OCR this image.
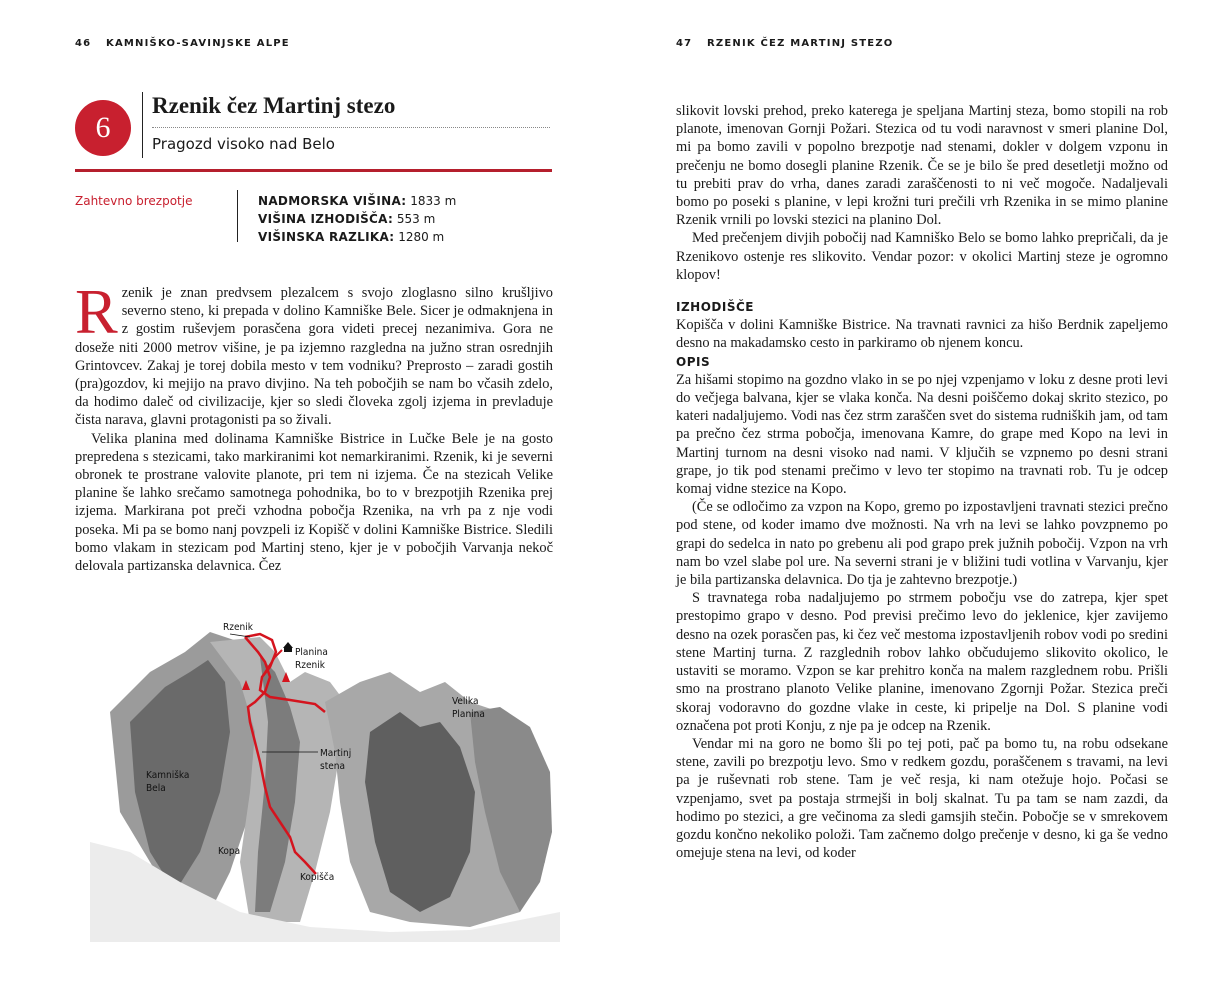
46 KAMNIŠKO-SAVINJSKE ALPE
6
Rzenik čez Martinj stezo
Pragozd visoko nad Belo
Zahtevno brezpotje	NADMORSKA VIŠINA: 1833 m
VIŠINA IZHODIŠČA: 553 m
VIŠINSKA RAZLIKA: 1280 m

Rzenik je znan predvsem plezalcem s svojo zloglasno silno krušljivo severno steno, ki prepada v dolino Kamniške Bele. Sicer je odmaknjena in z gostim ruševjem porasčena gora videti precej nezanimiva. Gora ne doseže niti 2000 metrov višine, je pa izjemno razgledna na južno stran osrednjih Grintovcev. Zakaj je torej dobila mesto v tem vodniku? Preprosto – zaradi gostih (pra)gozdov, ki mejijo na pravo divjino. Na teh pobočjih se nam bo včasih zdelo, da hodimo daleč od civilizacije, kjer so sledi človeka zgolj izjema in prevladuje čista narava, glavni protagonisti pa so živali.

Velika planina med dolinama Kamniške Bistrice in Lučke Bele je na gosto prepredena s stezicami, tako markiranimi kot nemarkiranimi. Rzenik, ki je severni obronek te prostrane valovite planote, pri tem ni izjema. Če na stezicah Velike planine še lahko srečamo samotnega pohodnika, bo to v brezpotjih Rzenika prej izjema. Markirana pot preči vzhodna pobočja Rzenika, na vrh pa z nje vodi poseka. Mi pa se bomo nanj povzpeli iz Kopišč v dolini Kamniške Bistrice. Sledili bomo vlakam in stezicam pod Martinj steno, kjer je v pobočjih Varvanja nekoč delovala partizanska delavnica. Čez

Rzenik
Planina
Rzenik
Velika
Planina
Martinj
stena
Kamniška
Bela
Kopa
Kopišča
47 RZENIK ČEZ MARTINJ STEZO

slikovit lovski prehod, preko katerega je speljana Martinj steza, bomo stopili na rob planote, imenovan Gornji Požari. Stezica od tu vodi naravnost v smeri planine Dol, mi pa bomo zavili v popolno brezpotje nad stenami, dokler v dolgem vzponu in prečenju ne bomo dosegli planine Rzenik. Če se je bilo še pred desetletji možno od tu prebiti prav do vrha, danes zaradi zaraščenosti to ni več mogoče. Nadaljevali bomo po poseki s planine, v lepi krožni turi prečili vrh Rzenika in se mimo planine Rzenik vrnili po lovski stezici na planino Dol.

Med prečenjem divjih pobočij nad Kamniško Belo se bomo lahko prepričali, da je Rzenikovo ostenje res slikovito. Vendar pozor: v okolici Martinj steze je ogromno klopov!

IZHODIŠČE

Kopišča v dolini Kamniške Bistrice. Na travnati ravnici za hišo Berdnik zapeljemo desno na makadamsko cesto in parkiramo ob njenem koncu.

OPIS

Za hišami stopimo na gozdno vlako in se po njej vzpenjamo v loku z desne proti levi do večjega balvana, kjer se vlaka konča. Na desni poiščemo dokaj skrito stezico, po kateri nadaljujemo. Vodi nas čez strm zaraščen svet do sistema rudniških jam, od tam pa prečno čez strma pobočja, imenovana Kamre, do grape med Kopo na levi in Martinj turnom na desni visoko nad nami. V ključih se vzpnemo po desni strani grape, jo tik pod stenami prečimo v levo ter stopimo na travnati rob. Tu je odcep komaj vidne stezice na Kopo.

(Če se odločimo za vzpon na Kopo, gremo po izpostavljeni travnati stezici prečno pod stene, od koder imamo dve možnosti. Na vrh na levi se lahko povzpnemo po grapi do sedelca in nato po grebenu ali pod grapo prek južnih pobočij. Vzpon na vrh nam bo vzel slabe pol ure. Na severni strani je v bližini tudi votlina v Varvanju, kjer je bila partizanska delavnica. Do tja je zahtevno brezpotje.)

S travnatega roba nadaljujemo po strmem pobočju vse do zatrepa, kjer spet prestopimo grapo v desno. Pod previsi prečimo levo do jeklenice, kjer zavijemo desno na ozek porasčen pas, ki čez več mestoma izpostavljenih robov vodi po sredini stene Martinj turna. Z razglednih robov lahko občudujemo slikovito okolico, le ustaviti se moramo. Vzpon se kar prehitro konča na malem razglednem robu. Prišli smo na prostrano planoto Velike planine, imenovano Zgornji Požar. Stezica preči skoraj vodoravno do gozdne vlake in ceste, ki pripelje na Dol. S planine vodi označena pot proti Konju, z nje pa je odcep na Rzenik.

Vendar mi na goro ne bomo šli po tej poti, pač pa bomo tu, na robu odsekane stene, zavili po brezpotju levo. Smo v redkem gozdu, poraščenem s travami, na levi pa je ruševnati rob stene. Tam je več resja, ki nam otežuje hojo. Počasi se vzpenjamo, svet pa postaja strmejši in bolj skalnat. Tu pa tam se nam zazdi, da hodimo po stezici, a gre večinoma za sledi gamsjih stečin. Pobočje se v smrekovem gozdu končno nekoliko položi. Tam začnemo dolgo prečenje v desno, ki ga še vedno omejuje stena na levi, od koder
